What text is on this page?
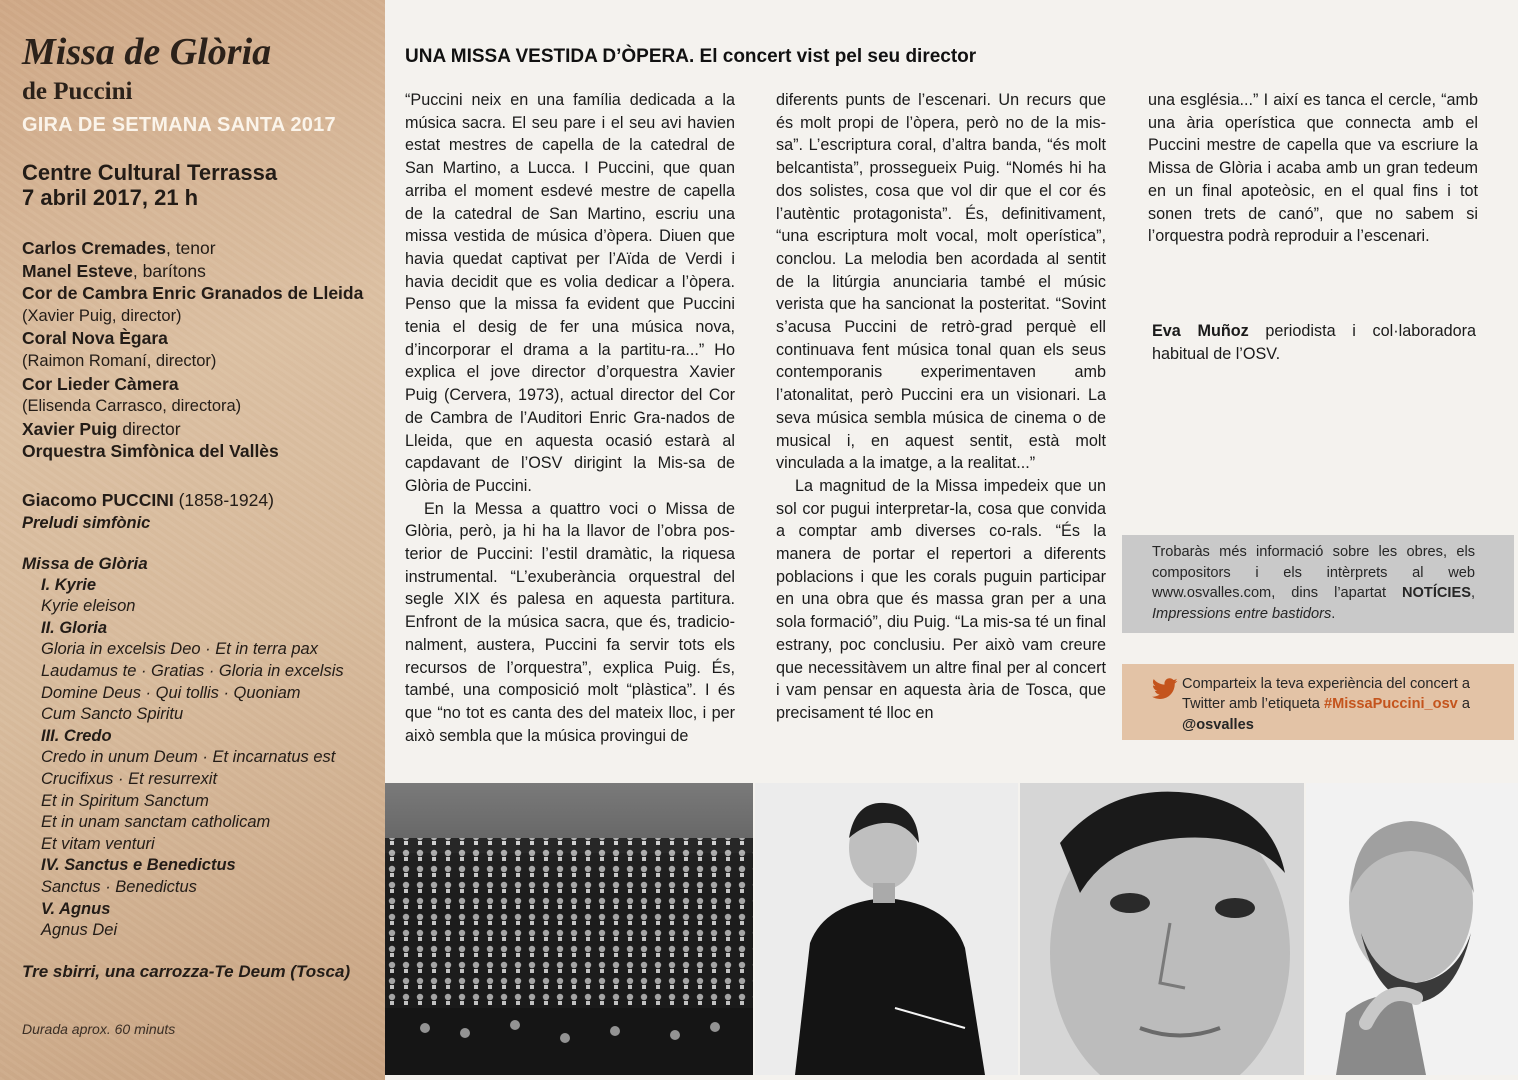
Missa de Glòria
de Puccini
GIRA DE SETMANA SANTA 2017
Centre Cultural Terrassa
7 abril 2017, 21 h
Carlos Cremades, tenor
Manel Esteve, barítons
Cor de Cambra Enric Granados de Lleida
(Xavier Puig, director)
Coral Nova Ègara
(Raimon Romaní, director)
Cor Lieder Càmera
(Elisenda Carrasco, directora)
Xavier Puig director
Orquestra Simfònica del Vallès
Giacomo PUCCINI (1858-1924)
Preludi simfònic
Missa de Glòria
I. Kyrie
Kyrie eleison
II. Gloria
Gloria in excelsis Deo · Et in terra pax
Laudamus te · Gratias · Gloria in excelsis
Domine Deus · Qui tollis · Quoniam
Cum Sancto Spiritu
III. Credo
Credo in unum Deum · Et incarnatus est
Crucifixus · Et resurrexit
Et in Spiritum Sanctum
Et in unam sanctam catholicam
Et vitam venturi
IV. Sanctus e Benedictus
Sanctus · Benedictus
V. Agnus
Agnus Dei
Tre sbirri, una carrozza-Te Deum (Tosca)
Durada aprox. 60 minuts
UNA MISSA VESTIDA D’ÒPERA. El concert vist pel seu director

“Puccini neix en una família dedicada a la música sacra. El seu pare i el seu avi havien estat mestres de capella de la catedral de San Martino, a Lucca. I Puccini, que quan arriba el moment esdevé mestre de capella de la catedral de San Martino, escriu una missa vestida de música d’òpera. Diuen que havia quedat captivat per l’Aïda de Verdi i havia decidit que es volia dedicar a l’òpera. Penso que la missa fa evident que Puccini tenia el desig de fer una música nova, d’incorporar el drama a la partitu-ra...” Ho explica el jove director d’orquestra Xavier Puig (Cervera, 1973), actual director del Cor de Cambra de l’Auditori Enric Gra-nados de Lleida, que en aquesta ocasió estarà al capdavant de l’OSV dirigint la Mis-sa de Glòria de Puccini.

En la Messa a quattro voci o Missa de Glòria, però, ja hi ha la llavor de l’obra pos-terior de Puccini: l’estil dramàtic, la riquesa instrumental. “L’exuberància orquestral del segle XIX és palesa en aquesta partitura. Enfront de la música sacra, que és, tradicio-nalment, austera, Puccini fa servir tots els recursos de l’orquestra”, explica Puig. És, també, una composició molt “plàstica”. I és que “no tot es canta des del mateix lloc, i per això sembla que la música provingui de

diferents punts de l’escenari. Un recurs que és molt propi de l’òpera, però no de la mis-sa”. L’escriptura coral, d’altra banda, “és molt belcantista”, prossegueix Puig. “Només hi ha dos solistes, cosa que vol dir que el cor és l’autèntic protagonista”. És, definitivament, “una escriptura molt vocal, molt operística”, conclou. La melodia ben acordada al sentit de la litúrgia anunciaria també el músic verista que ha sancionat la posteritat. “Sovint s’acusa Puccini de retrò-grad perquè ell continuava fent música tonal quan els seus contemporanis experimentaven amb l’atonalitat, però Puccini era un visionari. La seva música sembla música de cinema o de musical i, en aquest sentit, està molt vinculada a la imatge, a la realitat...”

La magnitud de la Missa impedeix que un sol cor pugui interpretar-la, cosa que convida a comptar amb diverses co-rals. “És la manera de portar el repertori a diferents poblacions i que les corals puguin participar en una obra que és massa gran per a una sola formació”, diu Puig. “La mis-sa té un final estrany, poc conclusiu. Per això vam creure que necessitàvem un altre final per al concert i vam pensar en aquesta ària de Tosca, que precisament té lloc en

una església...” I així es tanca el cercle, “amb una ària operística que connecta amb el Puccini mestre de capella que va escriure la Missa de Glòria i acaba amb un gran tedeum en un final apoteòsic, en el qual fins i tot sonen trets de canó”, que no sabem si l’orquestra podrà reproduir a l’escenari.

Eva Muñoz periodista i col·laboradora habitual de l’OSV.
Trobaràs més informació sobre les obres, els compositors i els intèrprets al web www.osvalles.com, dins l’apartat NOTÍCIES, Impressions entre bastidors.
Comparteix la teva experiència del concert a Twitter amb l’etiqueta #MissaPuccini_osv a @osvalles
